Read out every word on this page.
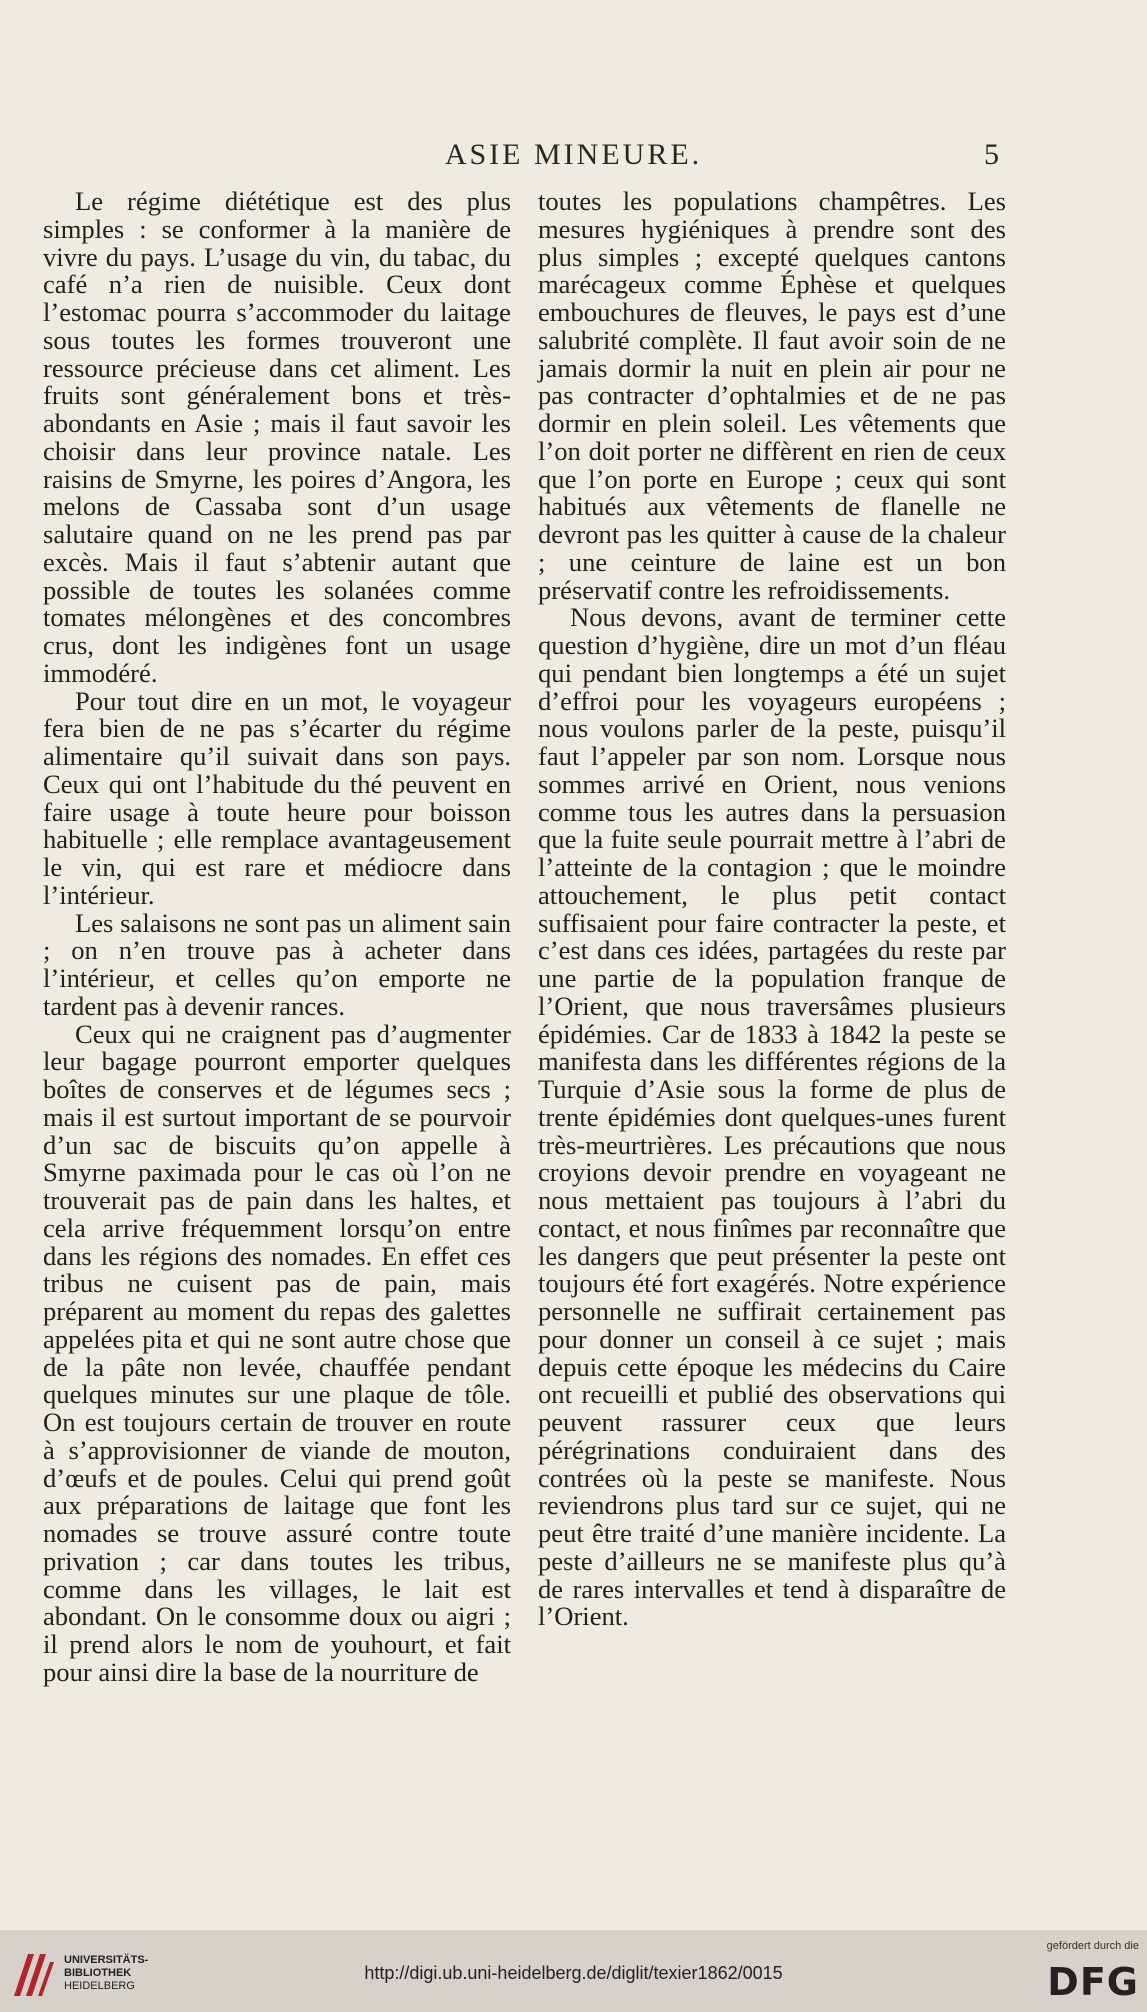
ASIE MINEURE.	5

Le régime diététique est des plus simples : se conformer à la manière de vivre du pays. L’usage du vin, du tabac, du café n’a rien de nuisible. Ceux dont l’estomac pourra s’accommoder du laitage sous toutes les formes trouveront une ressource précieuse dans cet aliment. Les fruits sont généralement bons et très-abondants en Asie ; mais il faut savoir les choisir dans leur province natale. Les raisins de Smyrne, les poires d’Angora, les melons de Cassaba sont d’un usage salutaire quand on ne les prend pas par excès. Mais il faut s’abtenir autant que possible de toutes les solanées comme tomates mélongènes et des concombres crus, dont les indigènes font un usage immodéré.

Pour tout dire en un mot, le voyageur fera bien de ne pas s’écarter du régime alimentaire qu’il suivait dans son pays. Ceux qui ont l’habitude du thé peuvent en faire usage à toute heure pour boisson habituelle ; elle remplace avantageusement le vin, qui est rare et médiocre dans l’intérieur.

Les salaisons ne sont pas un aliment sain ; on n’en trouve pas à acheter dans l’intérieur, et celles qu’on emporte ne tardent pas à devenir rances.

Ceux qui ne craignent pas d’augmenter leur bagage pourront emporter quelques boîtes de conserves et de légumes secs ; mais il est surtout important de se pourvoir d’un sac de biscuits qu’on appelle à Smyrne paximada pour le cas où l’on ne trouverait pas de pain dans les haltes, et cela arrive fréquemment lorsqu’on entre dans les régions des nomades. En effet ces tribus ne cuisent pas de pain, mais préparent au moment du repas des galettes appelées pita et qui ne sont autre chose que de la pâte non levée, chauffée pendant quelques minutes sur une plaque de tôle. On est toujours certain de trouver en route à s’approvisionner de viande de mouton, d’œufs et de poules. Celui qui prend goût aux préparations de laitage que font les nomades se trouve assuré contre toute privation ; car dans toutes les tribus, comme dans les villages, le lait est abondant. On le consomme doux ou aigri ; il prend alors le nom de youhourt, et fait pour ainsi dire la base de la nourriture de

toutes les populations champêtres. Les mesures hygiéniques à prendre sont des plus simples ; excepté quelques cantons marécageux comme Éphèse et quelques embouchures de fleuves, le pays est d’une salubrité complète. Il faut avoir soin de ne jamais dormir la nuit en plein air pour ne pas contracter d’ophtalmies et de ne pas dormir en plein soleil. Les vêtements que l’on doit porter ne diffèrent en rien de ceux que l’on porte en Europe ; ceux qui sont habitués aux vêtements de flanelle ne devront pas les quitter à cause de la chaleur ; une ceinture de laine est un bon préservatif contre les refroidissements.

Nous devons, avant de terminer cette question d’hygiène, dire un mot d’un fléau qui pendant bien longtemps a été un sujet d’effroi pour les voyageurs européens ; nous voulons parler de la peste, puisqu’il faut l’appeler par son nom. Lorsque nous sommes arrivé en Orient, nous venions comme tous les autres dans la persuasion que la fuite seule pourrait mettre à l’abri de l’atteinte de la contagion ; que le moindre attouchement, le plus petit contact suffisaient pour faire contracter la peste, et c’est dans ces idées, partagées du reste par une partie de la population franque de l’Orient, que nous traversâmes plusieurs épidémies. Car de 1833 à 1842 la peste se manifesta dans les différentes régions de la Turquie d’Asie sous la forme de plus de trente épidémies dont quelques-unes furent très-meurtrières. Les précautions que nous croyions devoir prendre en voyageant ne nous mettaient pas toujours à l’abri du contact, et nous finîmes par reconnaître que les dangers que peut présenter la peste ont toujours été fort exagérés. Notre expérience personnelle ne suffirait certainement pas pour donner un conseil à ce sujet ; mais depuis cette époque les médecins du Caire ont recueilli et publié des observations qui peuvent rassurer ceux que leurs pérégrinations conduiraient dans des contrées où la peste se manifeste. Nous reviendrons plus tard sur ce sujet, qui ne peut être traité d’une manière incidente. La peste d’ailleurs ne se manifeste plus qu’à de rares intervalles et tend à disparaître de l’Orient.

UNIVERSITÄTS-
BIBLIOTHEK
HEIDELBERG
http://digi.ub.uni-heidelberg.de/diglit/texier1862/0015
gefördert durch die
DFG
